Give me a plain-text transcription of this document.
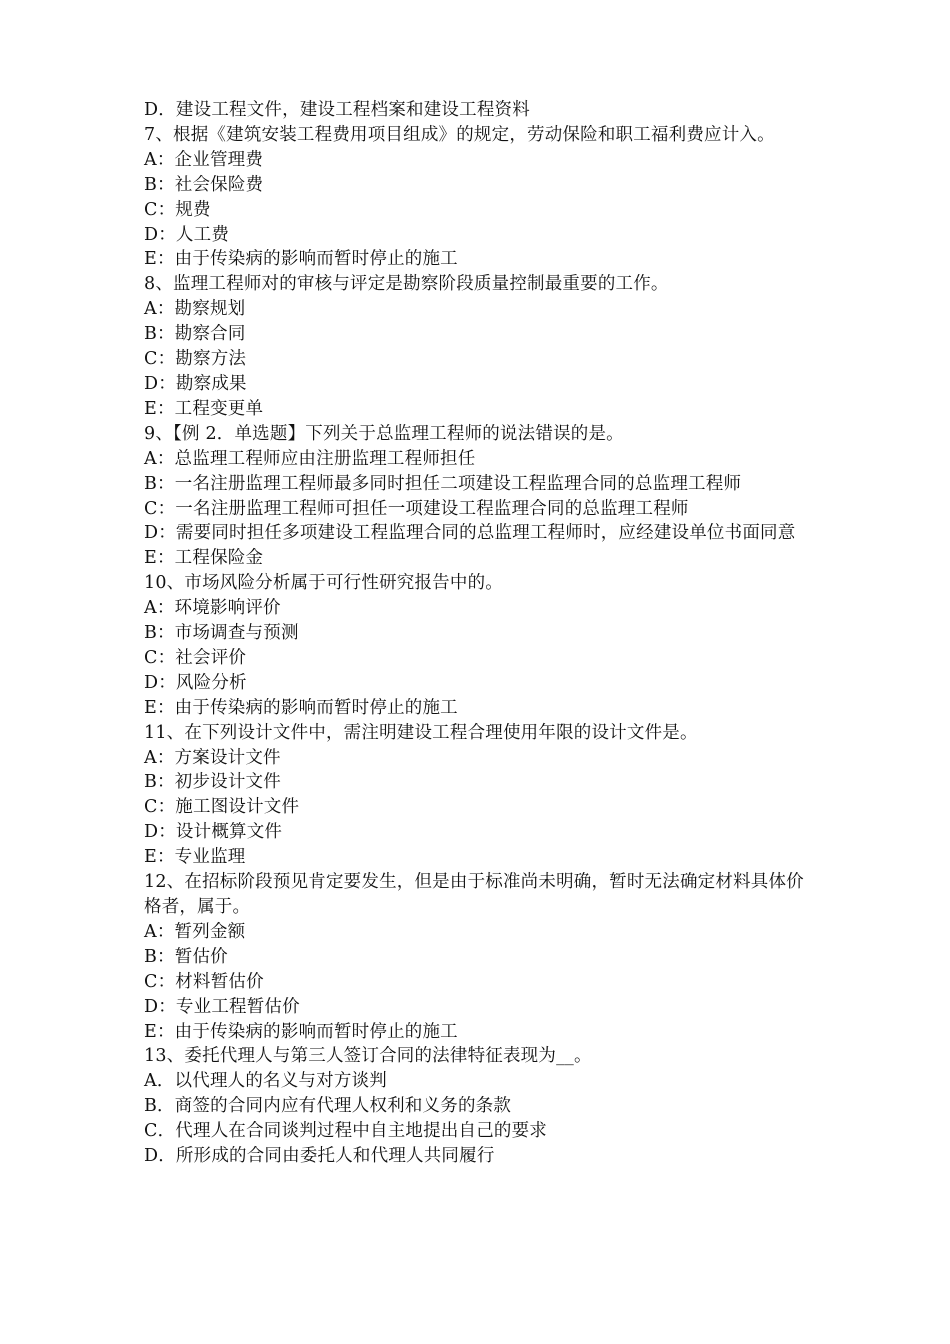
D．建设工程文件，建设工程档案和建设工程资料
7、根据《建筑安装工程费用项目组成》的规定，劳动保险和职工福利费应计入。
A：企业管理费
B：社会保险费
C：规费
D：人工费
E：由于传染病的影响而暂时停止的施工
8、监理工程师对的审核与评定是勘察阶段质量控制最重要的工作。
A：勘察规划
B：勘察合同
C：勘察方法
D：勘察成果
E：工程变更单
9、【例 2．单选题】下列关于总监理工程师的说法错误的是。
A：总监理工程师应由注册监理工程师担任
B：一名注册监理工程师最多同时担任二项建设工程监理合同的总监理工程师
C：一名注册监理工程师可担任一项建设工程监理合同的总监理工程师
D：需要同时担任多项建设工程监理合同的总监理工程师时，应经建设单位书面同意
E：工程保险金
10、市场风险分析属于可行性研究报告中的。
A：环境影响评价
B：市场调查与预测
C：社会评价
D：风险分析
E：由于传染病的影响而暂时停止的施工
11、在下列设计文件中，需注明建设工程合理使用年限的设计文件是。
A：方案设计文件
B：初步设计文件
C：施工图设计文件
D：设计概算文件
E：专业监理
12、在招标阶段预见肯定要发生，但是由于标准尚未明确，暂时无法确定材料具体价格者，属于。
A：暂列金额
B：暂估价
C：材料暂估价
D：专业工程暂估价
E：由于传染病的影响而暂时停止的施工
13、委托代理人与第三人签订合同的法律特征表现为__。
A．以代理人的名义与对方谈判
B．商签的合同内应有代理人权利和义务的条款
C．代理人在合同谈判过程中自主地提出自己的要求
D．所形成的合同由委托人和代理人共同履行
